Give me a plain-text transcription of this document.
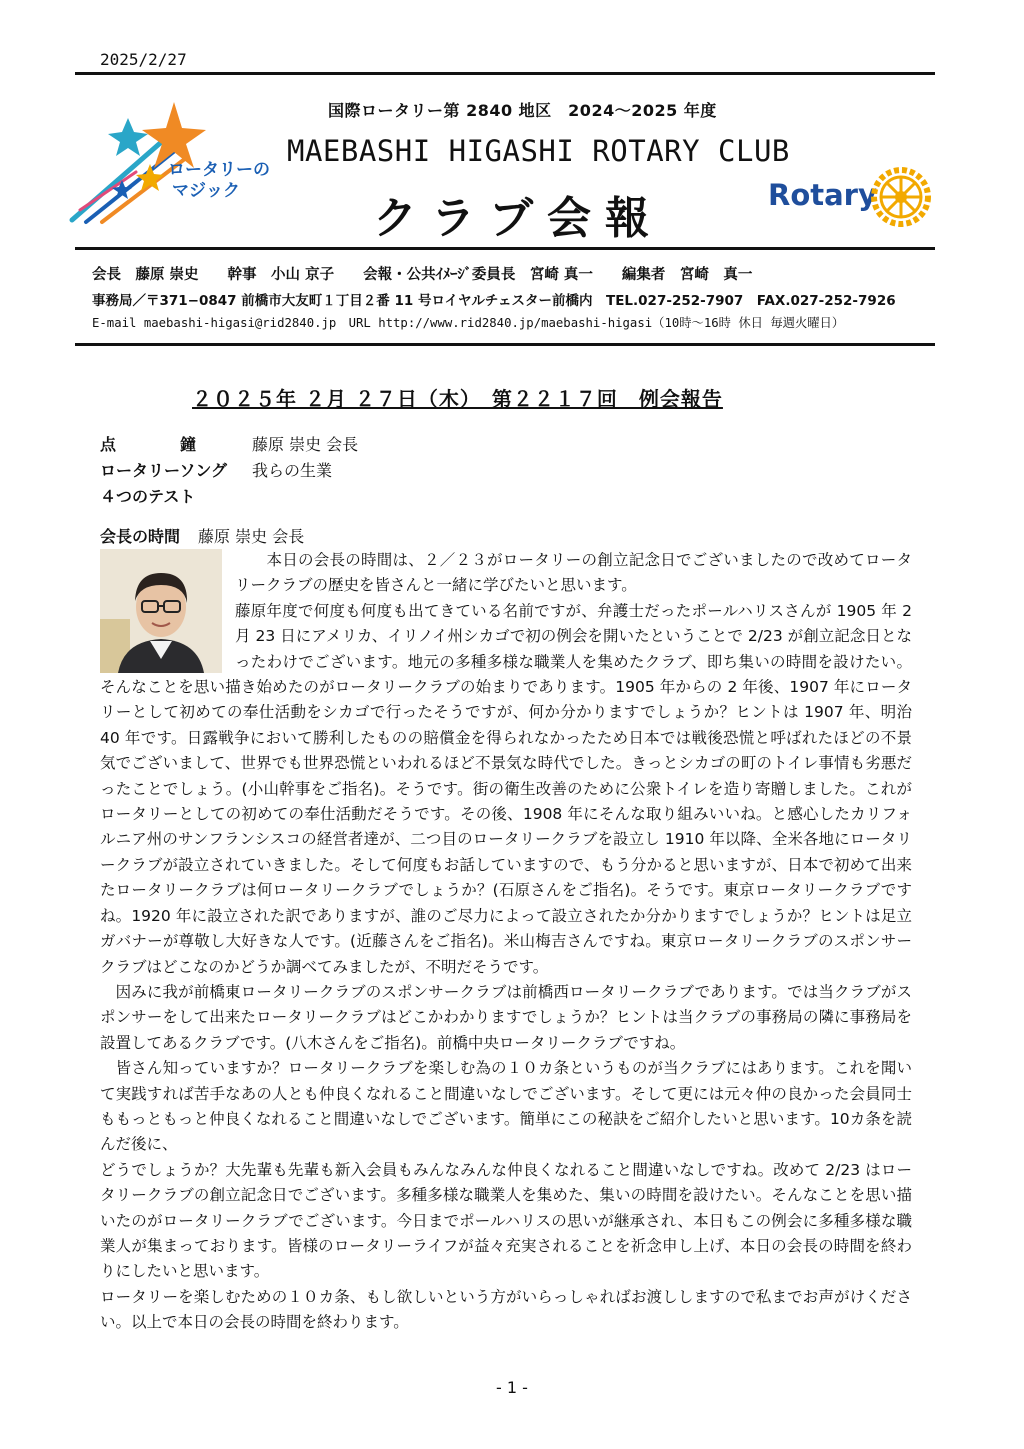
2025/2/27
ロータリーの
マジック
国際ロータリー第 2840 地区　2024～2025 年度
MAEBASHI HIGASHI ROTARY CLUB
クラブ会報	Rotary
会長　藤原 崇史　　幹事　小山 京子　　会報・公共ｲﾒｰｼﾞ委員長　宮崎 真一　　編集者　宮崎　真一
事務局／〒371−0847 前橋市大友町１丁目２番 11 号ロイヤルチェスター前橋内　TEL.027-252-7907　FAX.027-252-7926
E-mail maebashi-higasi@rid2840.jp　URL http://www.rid2840.jp/maebashi-higasi（10時～16時 休日 毎週火曜日）
２０２５年 ２月 ２７日（木）　第２２１７回　例会報告
点　　　　鐘	藤原 崇史 会長
ロータリーソング 我らの生業
４つのテスト
会長の時間 藤原 崇史 会長

　　本日の会長の時間は、２／２３がロータリーの創立記念日でございましたので改めてロータリークラブの歴史を皆さんと一緒に学びたいと思います。

藤原年度で何度も何度も出てきている名前ですが、弁護士だったポールハリスさんが 1905 年 2 月 23 日にアメリカ、イリノイ州シカゴで初の例会を開いたということで 2/23 が創立記念日となったわけでございます。地元の多種多様な職業人を集めたクラブ、即ち集いの時間を設けたい。そんなことを思い描き始めたのがロータリークラブの始まりであります。1905 年からの 2 年後、1907 年にロータリーとして初めての奉仕活動をシカゴで行ったそうですが、何か分かりますでしょうか？ヒントは 1907 年、明治 40 年です。日露戦争において勝利したものの賠償金を得られなかったため日本では戦後恐慌と呼ばれたほどの不景気でございまして、世界でも世界恐慌といわれるほど不景気な時代でした。きっとシカゴの町のトイレ事情も劣悪だったことでしょう。(小山幹事をご指名)。そうです。街の衛生改善のために公衆トイレを造り寄贈しました。これがロータリーとしての初めての奉仕活動だそうです。その後、1908 年にそんな取り組みいいね。と感心したカリフォルニア州のサンフランシスコの経営者達が、二つ目のロータリークラブを設立し 1910 年以降、全米各地にロータリークラブが設立されていきました。そして何度もお話していますので、もう分かると思いますが、日本で初めて出来たロータリークラブは何ロータリークラブでしょうか？(石原さんをご指名)。そうです。東京ロータリークラブですね。1920 年に設立された訳でありますが、誰のご尽力によって設立されたか分かりますでしょうか？ヒントは足立ガバナーが尊敬し大好きな人です。(近藤さんをご指名)。米山梅吉さんですね。東京ロータリークラブのスポンサークラブはどこなのかどうか調べてみましたが、不明だそうです。

　因みに我が前橋東ロータリークラブのスポンサークラブは前橋西ロータリークラブであります。では当クラブがスポンサーをして出来たロータリークラブはどこかわかりますでしょうか？ヒントは当クラブの事務局の隣に事務局を設置してあるクラブです。(八木さんをご指名)。前橋中央ロータリークラブですね。

　皆さん知っていますか？ロータリークラブを楽しむ為の１０カ条というものが当クラブにはあります。これを聞いて実践すれば苦手なあの人とも仲良くなれること間違いなしでございます。そして更には元々仲の良かった会員同士ももっともっと仲良くなれること間違いなしでございます。簡単にこの秘訣をご紹介したいと思います。10カ条を読んだ後に、

どうでしょうか？大先輩も先輩も新入会員もみんなみんな仲良くなれること間違いなしですね。改めて 2/23 はロータリークラブの創立記念日でございます。多種多様な職業人を集めた、集いの時間を設けたい。そんなことを思い描いたのがロータリークラブでございます。今日までポールハリスの思いが継承され、本日もこの例会に多種多様な職業人が集まっております。皆様のロータリーライフが益々充実されることを祈念申し上げ、本日の会長の時間を終わりにしたいと思います。

ロータリーを楽しむための１０カ条、もし欲しいという方がいらっしゃればお渡ししますので私までお声がけください。以上で本日の会長の時間を終わります。

- 1 -
